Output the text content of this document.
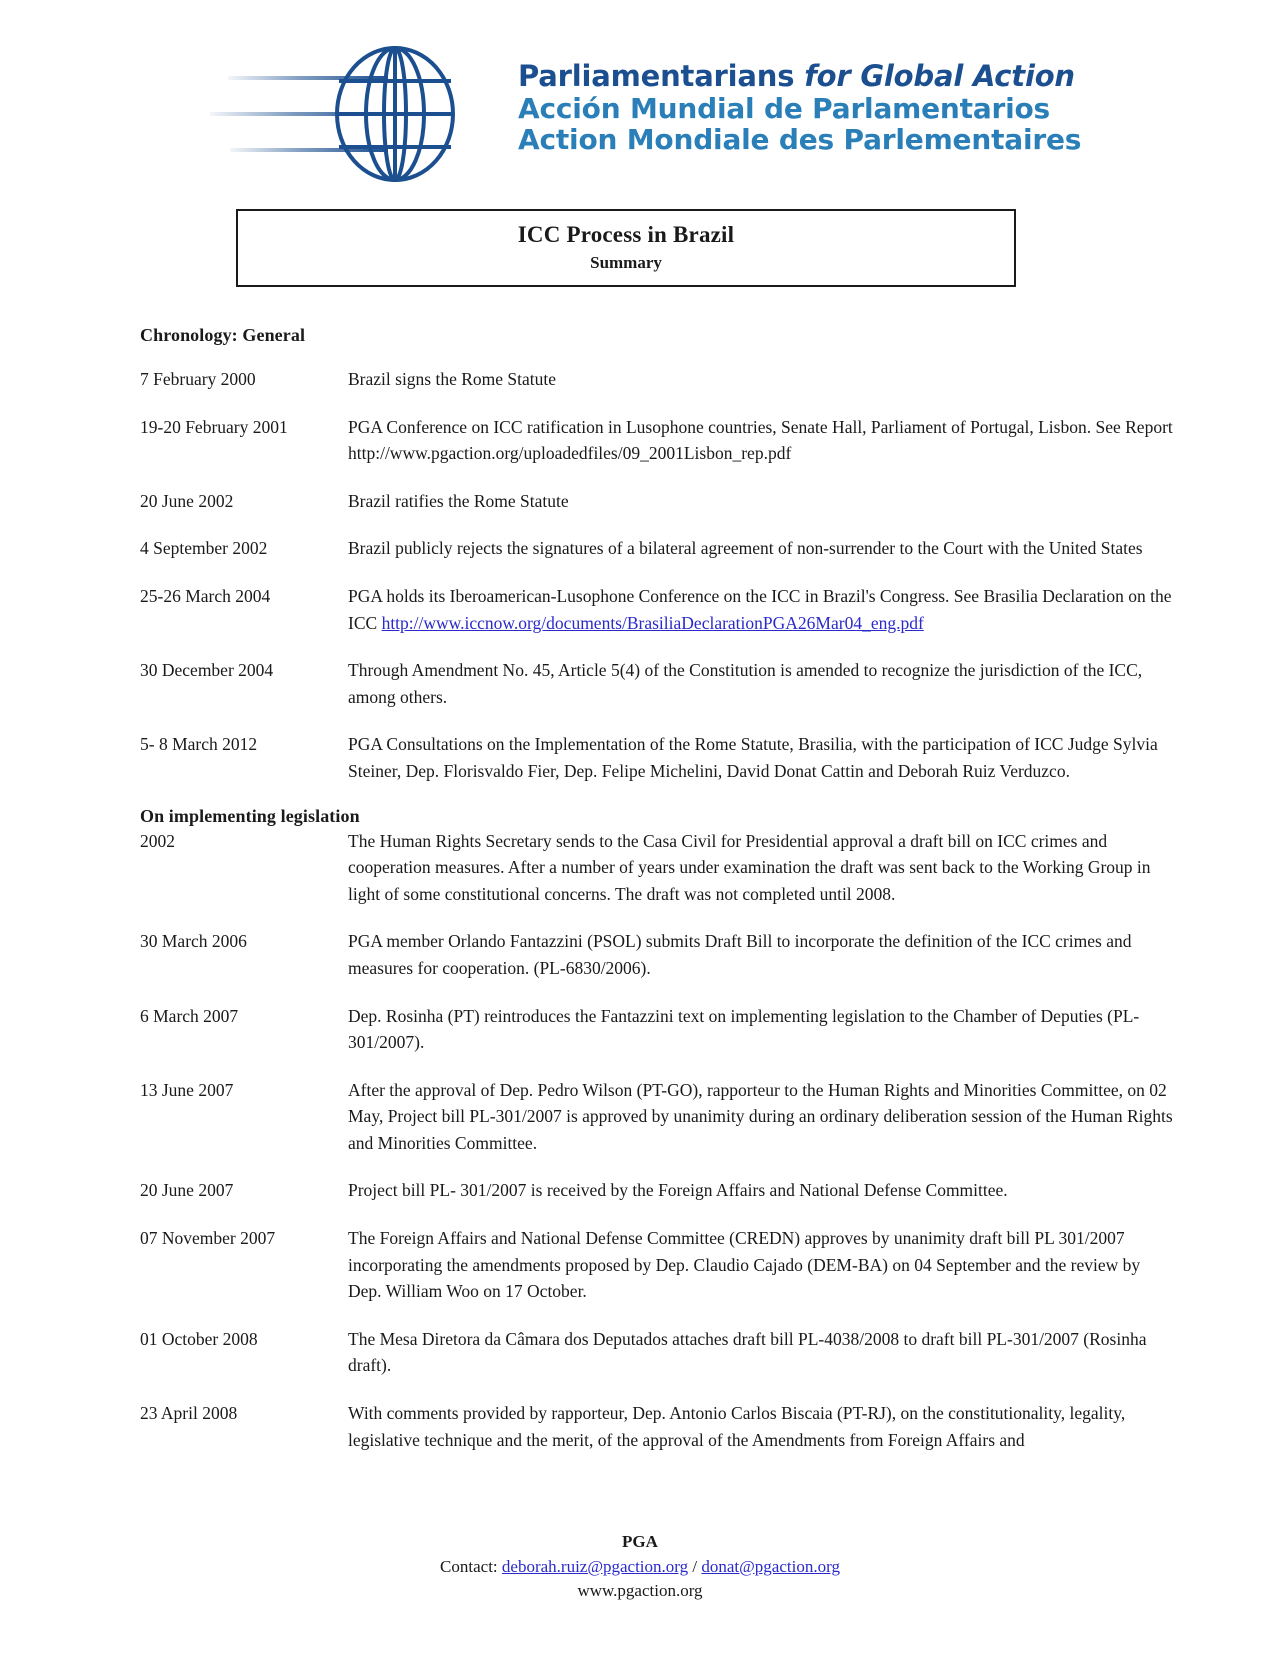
Parliamentarians for Global Action
Acción Mundial de Parlamentarios
Action Mondiale des Parlementaires
ICC Process in Brazil
Summary
Chronology: General
7 February 2000	Brazil signs the Rome Statute
19-20 February 2001	PGA Conference on ICC ratification in Lusophone countries, Senate Hall, Parliament of Portugal, Lisbon. See Report http://www.pgaction.org/uploadedfiles/09_2001Lisbon_rep.pdf
20 June 2002	Brazil ratifies the Rome Statute
4 September 2002	Brazil publicly rejects the signatures of a bilateral agreement of non-surrender to the Court with the United States
25-26 March 2004	PGA holds its Iberoamerican-Lusophone Conference on the ICC in Brazil's Congress. See Brasilia Declaration on the ICC http://www.iccnow.org/documents/BrasiliaDeclarationPGA26Mar04_eng.pdf
30 December 2004	Through Amendment No. 45, Article 5(4) of the Constitution is amended to recognize the jurisdiction of the ICC, among others.
5- 8 March 2012	PGA Consultations on the Implementation of the Rome Statute, Brasilia, with the participation of ICC Judge Sylvia Steiner, Dep. Florisvaldo Fier, Dep. Felipe Michelini, David Donat Cattin and Deborah Ruiz Verduzco.
On implementing legislation
2002	The Human Rights Secretary sends to the Casa Civil for Presidential approval a draft bill on ICC crimes and cooperation measures. After a number of years under examination the draft was sent back to the Working Group in light of some constitutional concerns. The draft was not completed until 2008.
30 March 2006	PGA member Orlando Fantazzini (PSOL) submits Draft Bill to incorporate the definition of the ICC crimes and measures for cooperation. (PL-6830/2006).
6 March 2007	Dep. Rosinha (PT) reintroduces the Fantazzini text on implementing legislation to the Chamber of Deputies (PL-301/2007).
13 June 2007	After the approval of Dep. Pedro Wilson (PT-GO), rapporteur to the Human Rights and Minorities Committee, on 02 May, Project bill PL-301/2007 is approved by unanimity during an ordinary deliberation session of the Human Rights and Minorities Committee.
20 June 2007	Project bill PL- 301/2007 is received by the Foreign Affairs and National Defense Committee.
07 November 2007	The Foreign Affairs and National Defense Committee (CREDN) approves by unanimity draft bill PL 301/2007 incorporating the amendments proposed by Dep. Claudio Cajado (DEM-BA) on 04 September and the review by Dep. William Woo on 17 October.
01 October 2008	The Mesa Diretora da Câmara dos Deputados attaches draft bill PL-4038/2008 to draft bill PL-301/2007 (Rosinha draft).
23 April 2008	With comments provided by rapporteur, Dep. Antonio Carlos Biscaia (PT-RJ), on the constitutionality, legality, legislative technique and the merit, of the approval of the Amendments from Foreign Affairs and
PGA
Contact: deborah.ruiz@pgaction.org / donat@pgaction.org
www.pgaction.org
